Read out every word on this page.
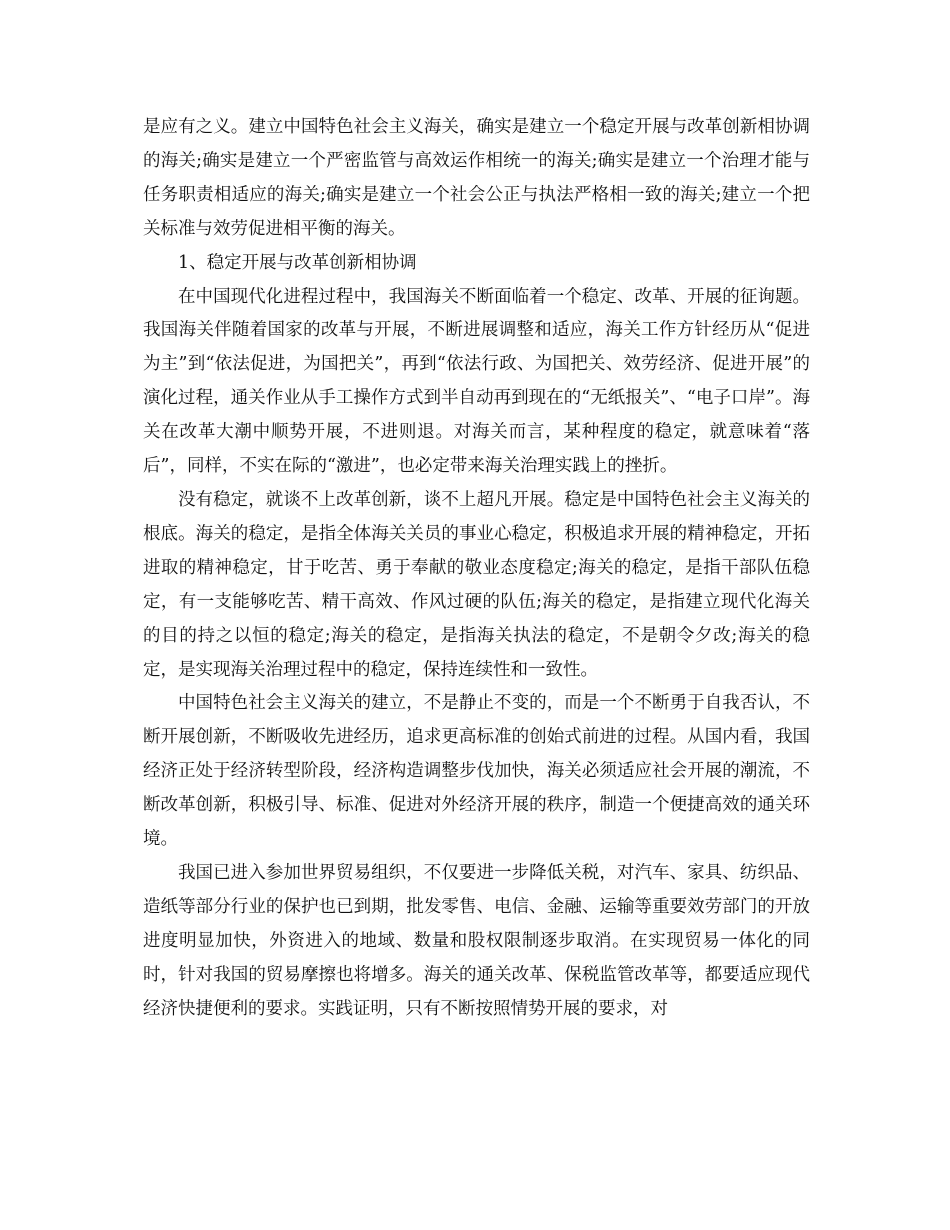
是应有之义。建立中国特色社会主义海关，确实是建立一个稳定开展与改革创新相协调的海关;确实是建立一个严密监管与高效运作相统一的海关;确实是建立一个治理才能与任务职责相适应的海关;确实是建立一个社会公正与执法严格相一致的海关;建立一个把关标准与效劳促进相平衡的海关。

1、稳定开展与改革创新相协调

在中国现代化进程过程中，我国海关不断面临着一个稳定、改革、开展的征询题。我国海关伴随着国家的改革与开展，不断进展调整和适应，海关工作方针经历从“促进为主”到“依法促进，为国把关”，再到“依法行政、为国把关、效劳经济、促进开展”的演化过程，通关作业从手工操作方式到半自动再到现在的“无纸报关”、“电子口岸”。海关在改革大潮中顺势开展，不进则退。对海关而言，某种程度的稳定，就意味着“落后”，同样，不实在际的“激进”，也必定带来海关治理实践上的挫折。

没有稳定，就谈不上改革创新，谈不上超凡开展。稳定是中国特色社会主义海关的根底。海关的稳定，是指全体海关关员的事业心稳定，积极追求开展的精神稳定，开拓进取的精神稳定，甘于吃苦、勇于奉献的敬业态度稳定;海关的稳定，是指干部队伍稳定，有一支能够吃苦、精干高效、作风过硬的队伍;海关的稳定，是指建立现代化海关的目的持之以恒的稳定;海关的稳定，是指海关执法的稳定，不是朝令夕改;海关的稳定，是实现海关治理过程中的稳定，保持连续性和一致性。

中国特色社会主义海关的建立，不是静止不变的，而是一个不断勇于自我否认，不断开展创新，不断吸收先进经历，追求更高标准的创始式前进的过程。从国内看，我国经济正处于经济转型阶段，经济构造调整步伐加快，海关必须适应社会开展的潮流，不断改革创新，积极引导、标准、促进对外经济开展的秩序，制造一个便捷高效的通关环境。

我国已进入参加世界贸易组织，不仅要进一步降低关税，对汽车、家具、纺织品、造纸等部分行业的保护也已到期，批发零售、电信、金融、运输等重要效劳部门的开放进度明显加快，外资进入的地域、数量和股权限制逐步取消。在实现贸易一体化的同时，针对我国的贸易摩擦也将增多。海关的通关改革、保税监管改革等，都要适应现代经济快捷便利的要求。实践证明，只有不断按照情势开展的要求，对
